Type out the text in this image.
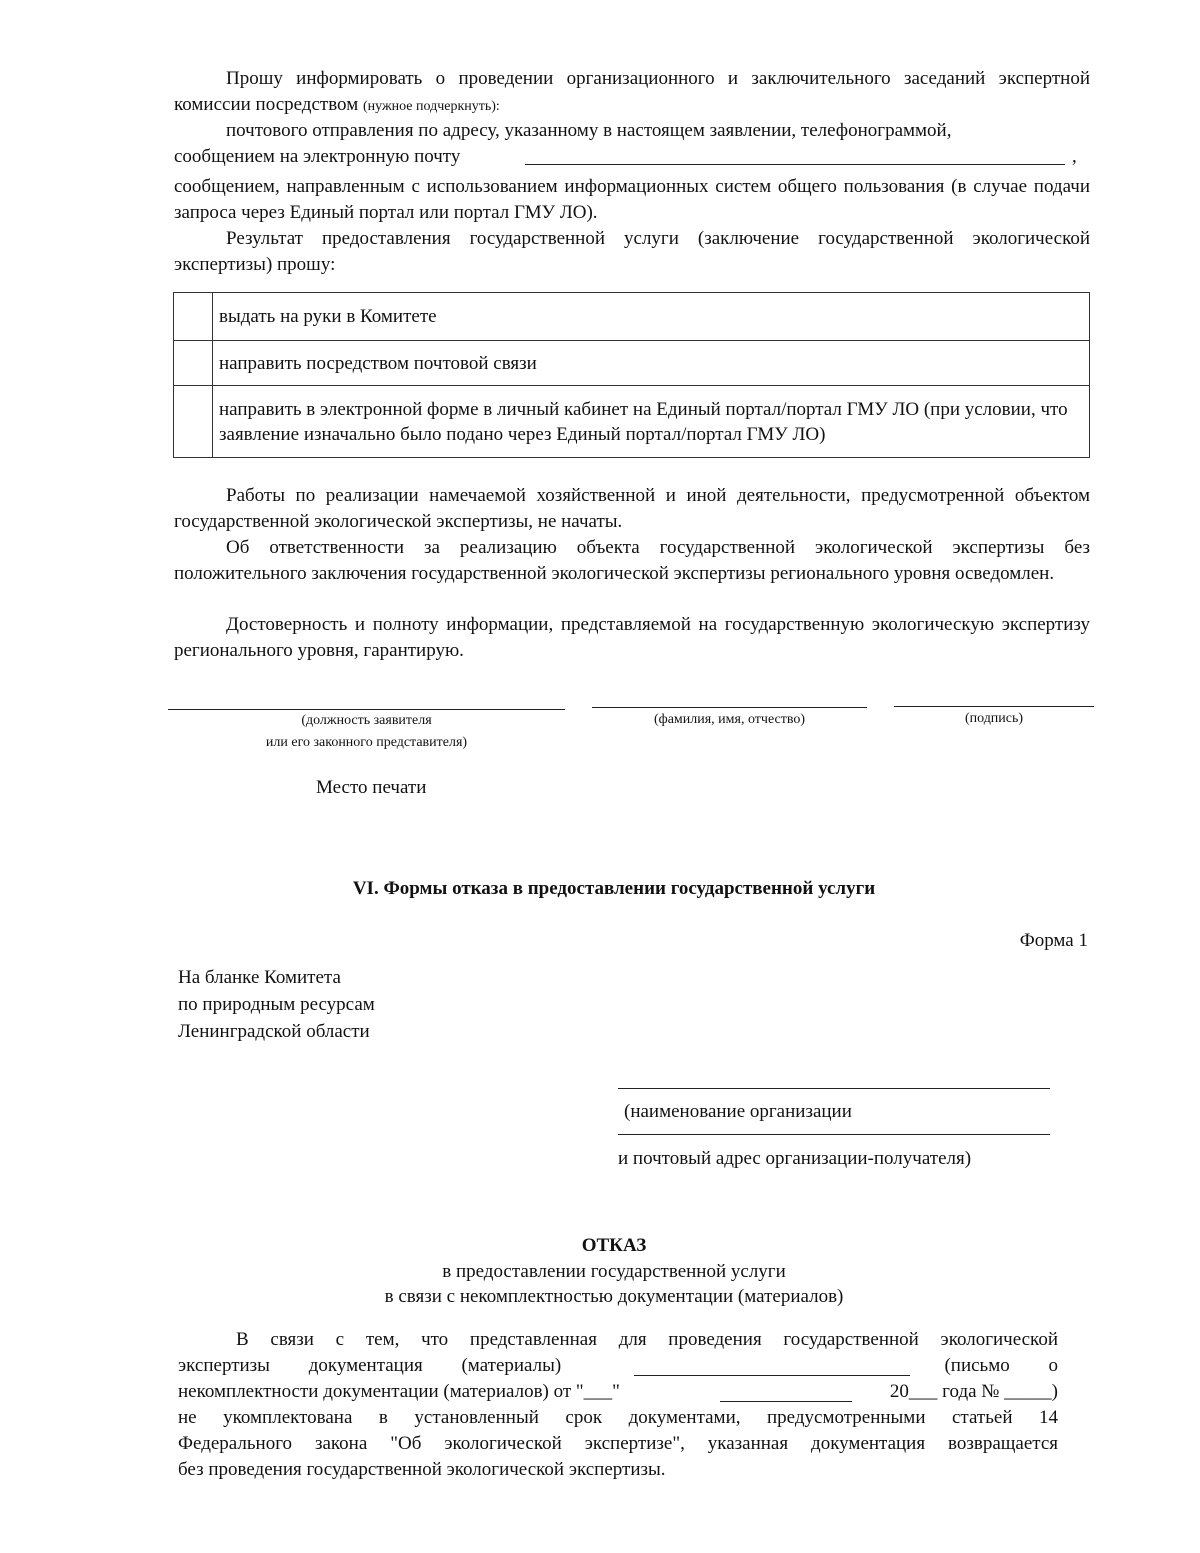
Прошу информировать о проведении организационного и заключительного заседаний экспертной комиссии посредством (нужное подчеркнуть):

почтового отправления по адресу, указанному в настоящем заявлении, телефонограммой,

сообщением на электронную почту	,

сообщением, направленным с использованием информационных систем общего пользования (в случае подачи запроса через Единый портал или портал ГМУ ЛО).

Результат предоставления государственной услуги (заключение государственной экологической экспертизы) прошу:

	выдать на руки в Комитете
	направить посредством почтовой связи
	направить в электронной форме в личный кабинет на Единый портал/портал ГМУ ЛО (при условии, что заявление изначально было подано через Единый портал/портал ГМУ ЛО)

Работы по реализации намечаемой хозяйственной и иной деятельности, предусмотренной объектом государственной экологической экспертизы, не начаты.

Об ответственности за реализацию объекта государственной экологической экспертизы без положительного заключения государственной экологической экспертизы регионального уровня осведомлен.

Достоверность и полноту информации, представляемой на государственную экологическую экспертизу регионального уровня, гарантирую.

(должность заявителя
или его законного представителя)
(фамилия, имя, отчество)	(подпись)
Место печати
VI. Формы отказа в предоставлении государственной услуги
Форма 1
На бланке Комитета
по природным ресурсам
Ленинградской области
(наименование организации
и почтовый адрес организации-получателя)
ОТКАЗ
в предоставлении государственной услуги
в связи с некомплектностью документации (материалов)
В связи с тем, что представленная для проведения государственной экологической
экспертизы документация (материалы)	(письмо о
некомплектности документации (материалов) от "___"	20___ года № _____)
не укомплектована в установленный срок документами, предусмотренными статьей 14
Федерального закона "Об экологической экспертизе", указанная документация возвращается
без проведения государственной экологической экспертизы.
